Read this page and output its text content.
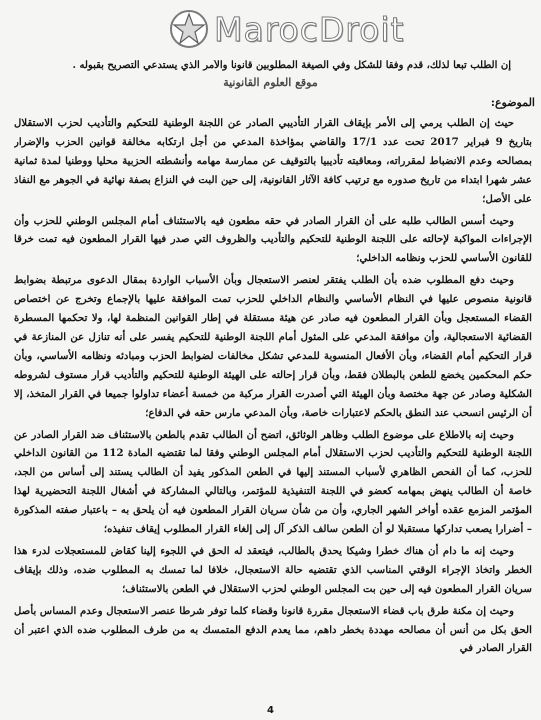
MarocDroit
إن الطلب تبعا لذلك، قدم وفقا للشكل وفي الصيغة المطلوبين قانونا والأمر الذي يستدعي التصريح بقبوله .
موقع العلوم القانونية
الموضوع:

حيث إن الطلب يرمي إلى الأمر بإيقاف القرار التأديبي الصادر عن اللجنة الوطنية للتحكيم والتأديب لحزب الاستقلال بتاريخ 9 فبراير 2017 تحت عدد 17/1 والقاضي بمؤاخذة المدعي من أجل ارتكابه مخالفة قوانين الحزب والإضرار بمصالحه وعدم الانضباط لمقرراته، ومعاقبته تأديبيا بالتوقيف عن ممارسة مهامه وأنشطته الحزبية محليا ووطنيا لمدة ثمانية عشر شهرا ابتداء من تاريخ صدوره مع ترتيب كافة الآثار القانونية، إلى حين البت في النزاع بصفة نهائية في الجوهر مع النفاذ على الأصل؛

وحيث أسس الطالب طلبه على أن القرار الصادر في حقه مطعون فيه بالاستئناف أمام المجلس الوطني للحزب وأن الإجراءات المواكبة لإحالته على اللجنة الوطنية للتحكيم والتأديب والظروف التي صدر فيها القرار المطعون فيه تمت خرقا للقانون الأساسي للحزب ونظامه الداخلي؛

وحيث دفع المطلوب ضده بأن الطلب يفتقر لعنصر الاستعجال وبأن الأسباب الواردة بمقال الدعوى مرتبطة بضوابط قانونية منصوص عليها في النظام الأساسي والنظام الداخلي للحزب تمت الموافقة عليها بالإجماع وتخرج عن اختصاص القضاء المستعجل وبأن القرار المطعون فيه صادر عن هيئة مستقلة في إطار القوانين المنظمة لها، ولا تحكمها المسطرة القضائية الاستعجالية، وأن موافقة المدعي على المثول أمام اللجنة الوطنية للتحكيم يفسر على أنه تنازل عن المنازعة في قرار التحكيم أمام القضاء، وبأن الأفعال المنسوبة للمدعي تشكل مخالفات لضوابط الحزب ومبادئه ونظامه الأساسي، وبأن حكم المحكمين يخضع للطعن بالبطلان فقط، وبأن قرار إحالته على الهيئة الوطنية للتحكيم والتأديب قرار مستوف لشروطه الشكلية وصادر عن جهة مختصة وبأن الهيئة التي أصدرت القرار مركبة من خمسة أعضاء تداولوا جميعا في القرار المتخذ، إلا أن الرئيس انسحب عند النطق بالحكم لاعتبارات خاصة، وبأن المدعي مارس حقه في الدفاع؛

وحيث إنه بالاطلاع على موضوع الطلب وظاهر الوثائق، اتضح أن الطالب تقدم بالطعن بالاستئناف ضد القرار الصادر عن اللجنة الوطنية للتحكيم والتأديب لحزب الاستقلال أمام المجلس الوطني وفقا لما تقتضيه المادة 112 من القانون الداخلي للحزب، كما أن الفحص الظاهري لأسباب المستند إليها في الطعن المذكور يفيد أن الطالب يستند إلى أساس من الجد، خاصة أن الطالب ينهض بمهامه كعضو في اللجنة التنفيذية للمؤتمر، وبالتالي المشاركة في أشغال اللجنة التحضيرية لهذا المؤتمر المزمع عقده أواخر الشهر الجاري، وأن من شأن سريان القرار المطعون فيه أن يلحق به – باعتبار صفته المذكورة – أضرارا يصعب تداركها مستقبلا لو أن الطعن سالف الذكر آل إلى إلغاء القرار المطلوب إيقاف تنفيذه؛

وحيث إنه ما دام أن هناك خطرا وشيكا يحدق بالطالب، فيتعقد له الحق في اللجوء إلينا كقاض للمستعجلات لدرء هذا الخطر واتخاذ الإجراء الوقتي المناسب الذي تقتضيه حالة الاستعجال، خلافا لما تمسك به المطلوب ضده، وذلك بإيقاف سريان القرار المطعون فيه إلى حين بت المجلس الوطني لحزب الاستقلال في الطعن بالاستئناف؛

وحيث إن مكنة طرق باب قضاء الاستعجال مقررة قانونا وقضاء كلما توفر شرطا عنصر الاستعجال وعدم المساس بأصل الحق بكل من أنس أن مصالحه مهددة بخطر داهم، مما يعدم الدفع المتمسك به من طرف المطلوب ضده الذي اعتبر أن القرار الصادر في

4
